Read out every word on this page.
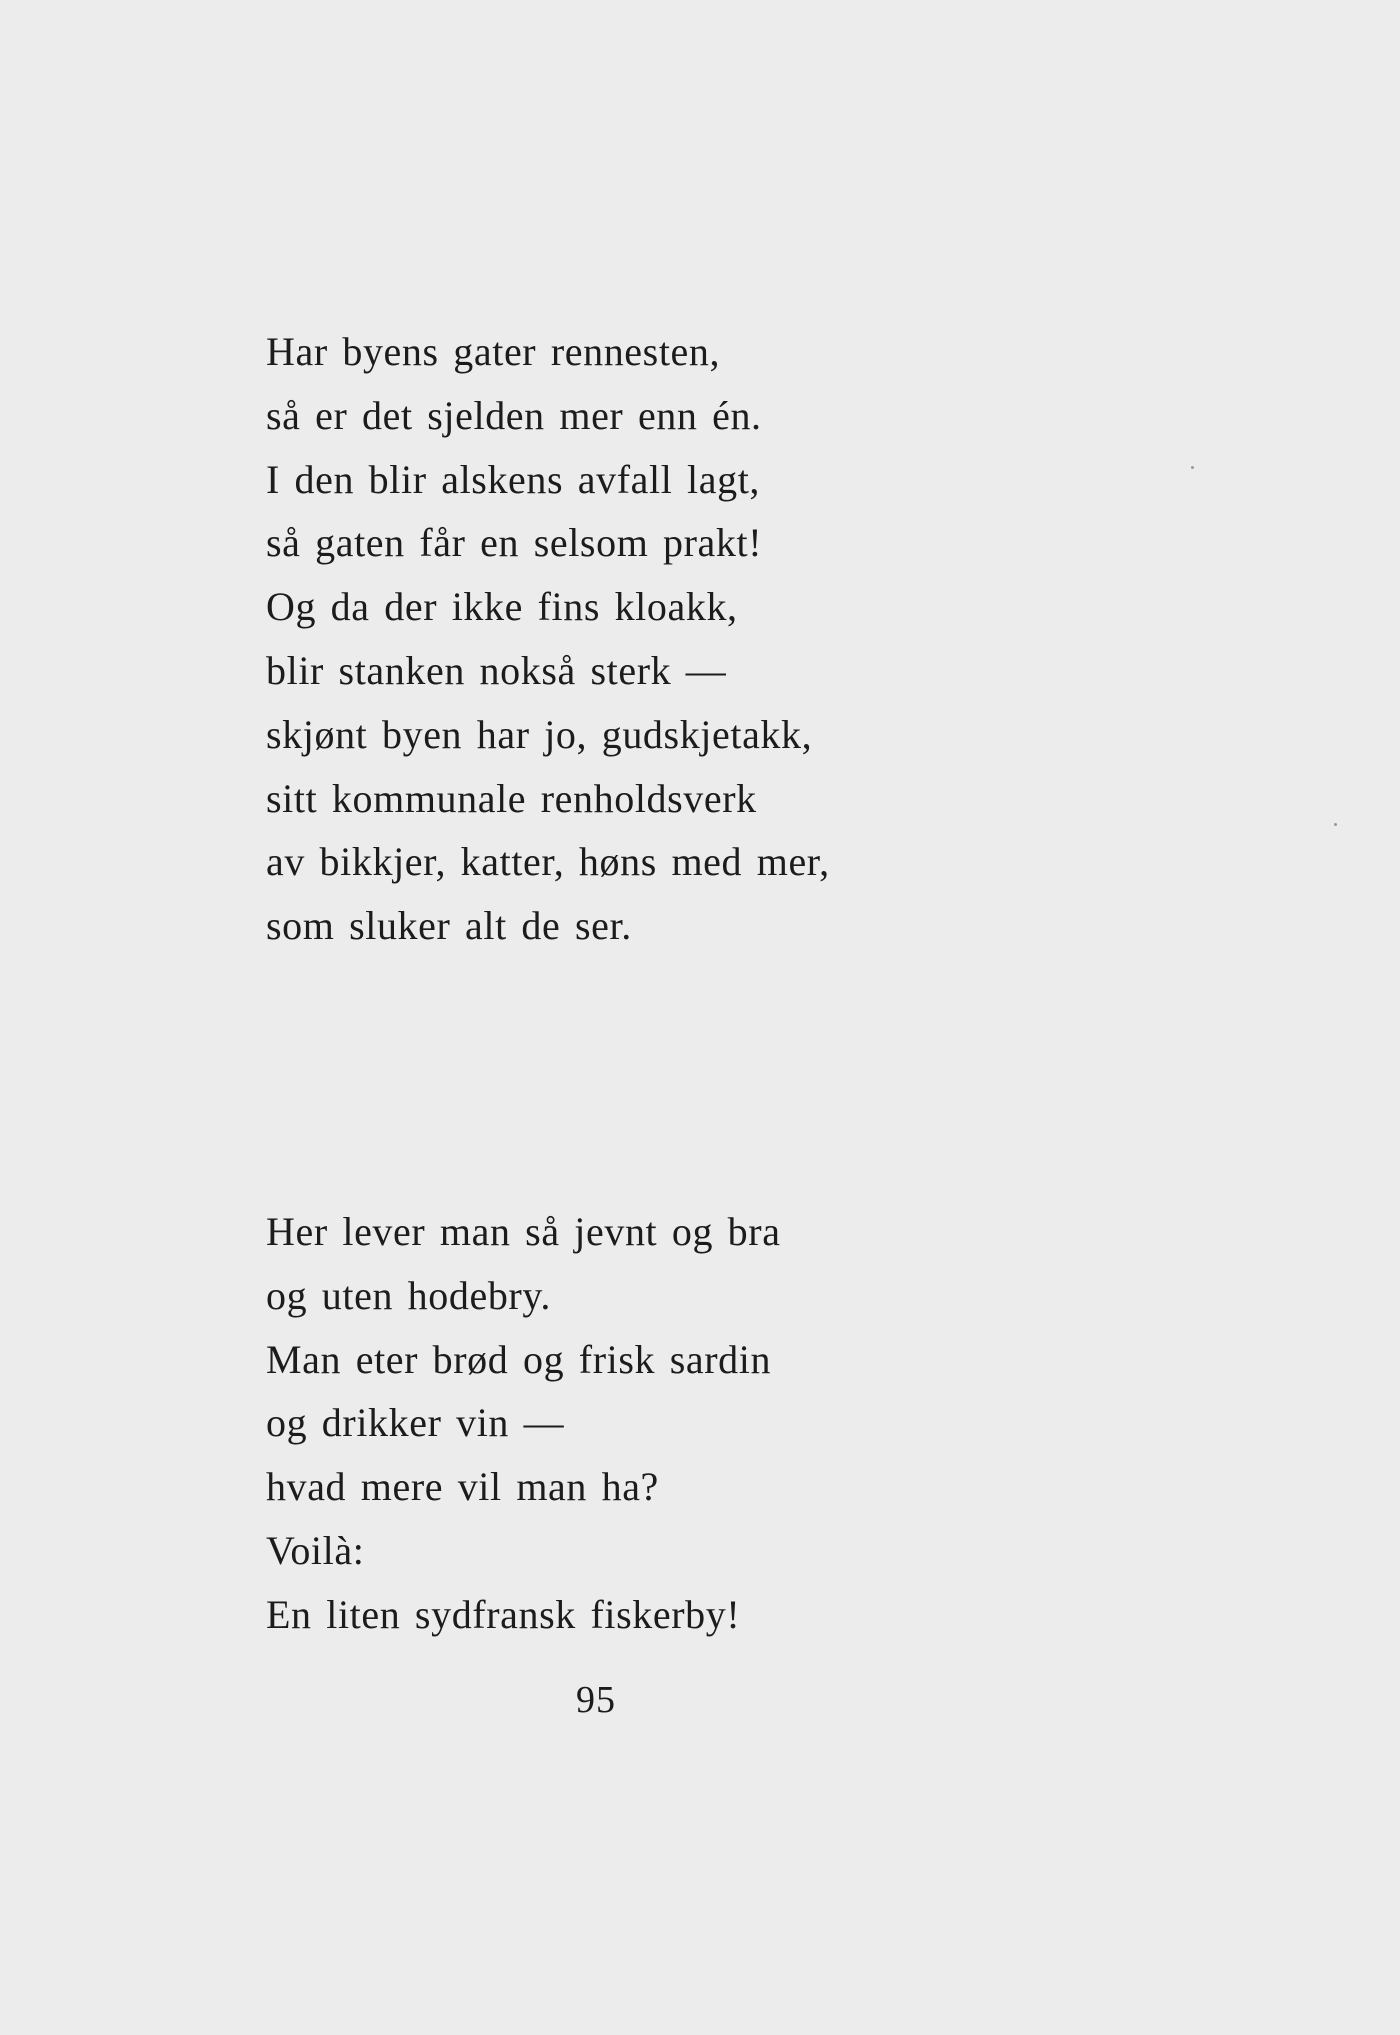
Har byens gater rennesten,
så er det sjelden mer enn én.
I den blir alskens avfall lagt,
så gaten får en selsom prakt!
Og da der ikke fins kloakk,
blir stanken nokså sterk —
skjønt byen har jo, gudskjetakk,
sitt kommunale renholdsverk
av bikkjer, katter, høns med mer,
som sluker alt de ser.
Her lever man så jevnt og bra
og uten hodebry.
Man eter brød og frisk sardin
og drikker vin —
hvad mere vil man ha?
Voilà:
En liten sydfransk fiskerby!
95
